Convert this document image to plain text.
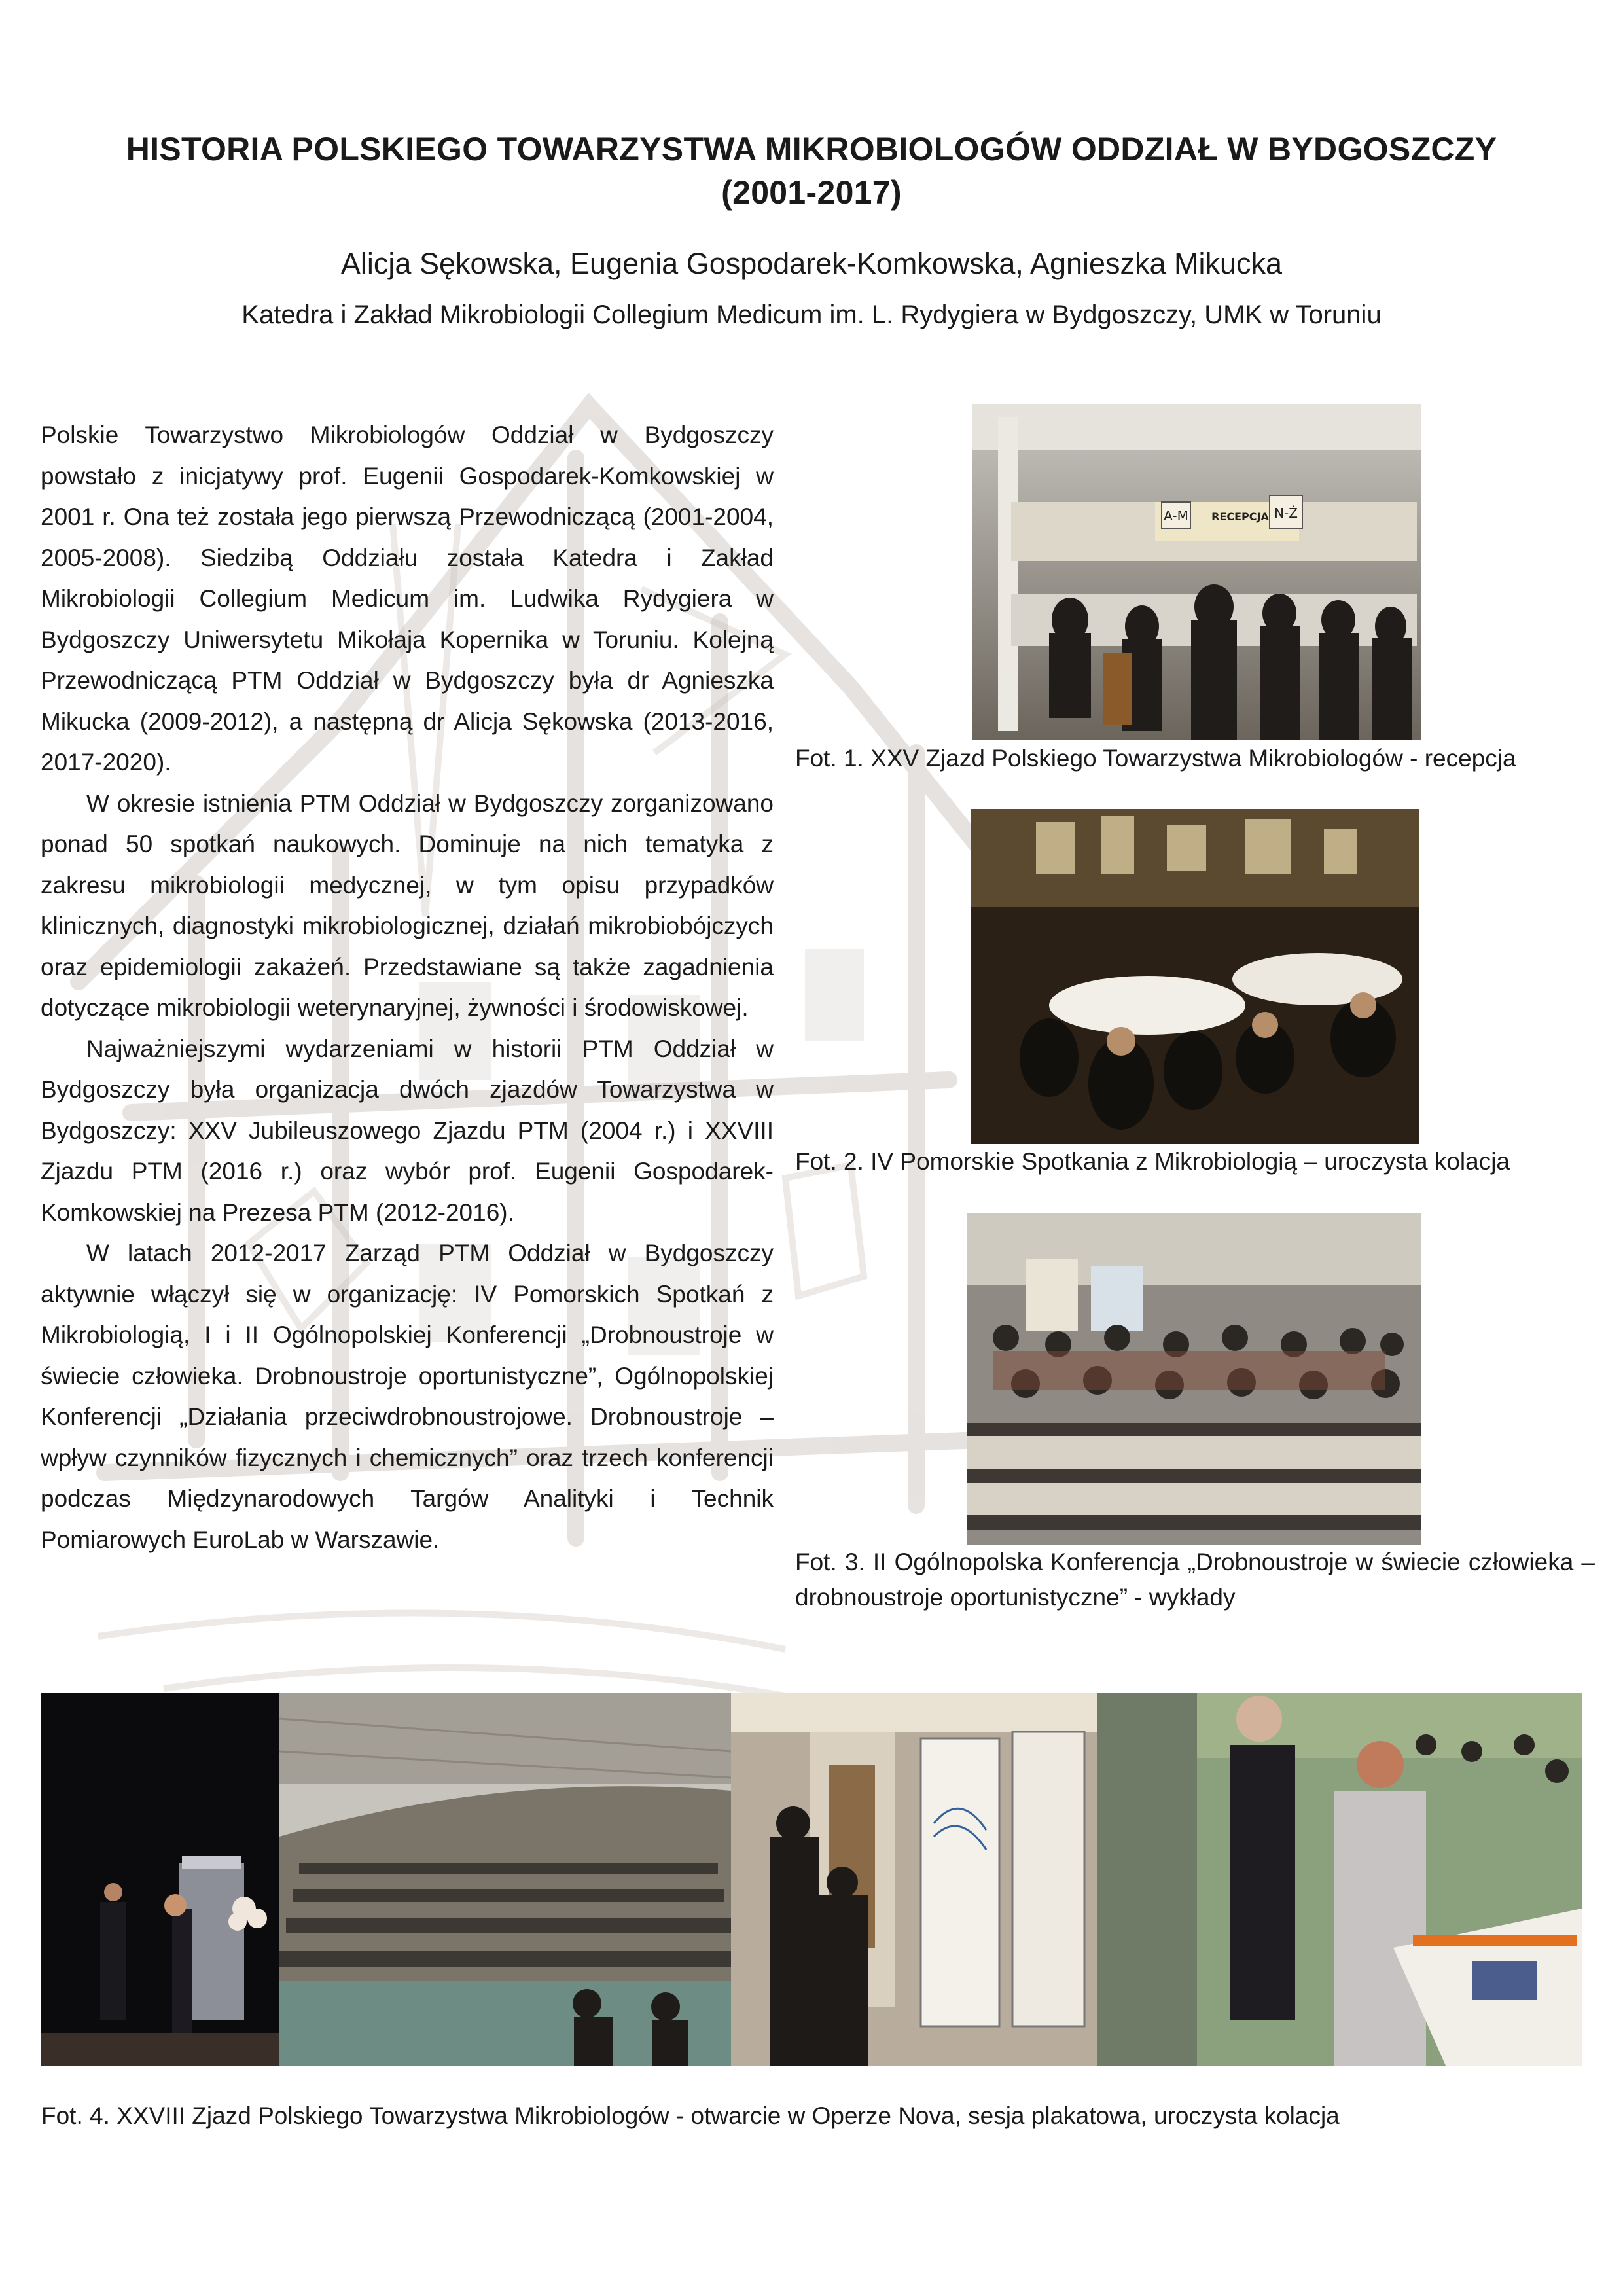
HISTORIA POLSKIEGO TOWARZYSTWA MIKROBIOLOGÓW ODDZIAŁ W BYDGOSZCZY
(2001-2017)
Alicja Sękowska, Eugenia Gospodarek-Komkowska, Agnieszka Mikucka
Katedra i Zakład Mikrobiologii Collegium Medicum im. L. Rydygiera w Bydgoszczy, UMK w Toruniu

Polskie Towarzystwo Mikrobiologów Oddział w Bydgoszczy powstało z inicjatywy prof. Eugenii Gospodarek-Komkowskiej w 2001 r. Ona też została jego pierwszą Przewodniczącą (2001-2004, 2005-2008). Siedzibą Oddziału została Katedra i Zakład Mikrobiologii Collegium Medicum im. Ludwika Rydygiera w Bydgoszczy Uniwersytetu Mikołaja Kopernika w Toruniu. Kolejną Przewodniczącą PTM Oddział w Bydgoszczy była dr Agnieszka Mikucka (2009-2012), a następną dr Alicja Sękowska (2013-2016, 2017-2020).

W okresie istnienia PTM Oddział w Bydgoszczy zorganizowano ponad 50 spotkań naukowych. Dominuje na nich tematyka z zakresu mikrobiologii medycznej, w tym opisu przypadków klinicznych, diagnostyki mikrobiologicznej, działań mikrobiobójczych oraz epidemiologii zakażeń. Przedstawiane są także zagadnienia dotyczące mikrobiologii weterynaryjnej, żywności i środowiskowej.

Najważniejszymi wydarzeniami w historii PTM Oddział w Bydgoszczy była organizacja dwóch zjazdów Towarzystwa w Bydgoszczy: XXV Jubileuszowego Zjazdu PTM (2004 r.) i XXVIII Zjazdu PTM (2016 r.) oraz wybór prof. Eugenii Gospodarek-Komkowskiej na Prezesa PTM (2012-2016).

W latach 2012-2017 Zarząd PTM Oddział w Bydgoszczy aktywnie włączył się w organizację: IV Pomorskich Spotkań z Mikrobiologią, I i II Ogólnopolskiej Konferencji „Drobnoustroje w świecie człowieka. Drobnoustroje oportunistyczne”, Ogólnopolskiej Konferencji „Działania przeciwdrobnoustrojowe. Drobnoustroje – wpływ czynników fizycznych i chemicznych” oraz trzech konferencji podczas Międzynarodowych Targów Analityki i Technik Pomiarowych EuroLab w Warszawie.

A-M RECEPCJA N-Ż
Fot. 1. XXV Zjazd Polskiego Towarzystwa Mikrobiologów - recepcja
Fot. 2. IV Pomorskie Spotkania z Mikrobiologią – uroczysta kolacja
Fot. 3. II Ogólnopolska Konferencja „Drobnoustroje w świecie człowieka – drobnoustroje oportunistyczne” - wykłady
Fot. 4. XXVIII Zjazd Polskiego Towarzystwa Mikrobiologów - otwarcie w Operze Nova, sesja plakatowa, uroczysta kolacja
